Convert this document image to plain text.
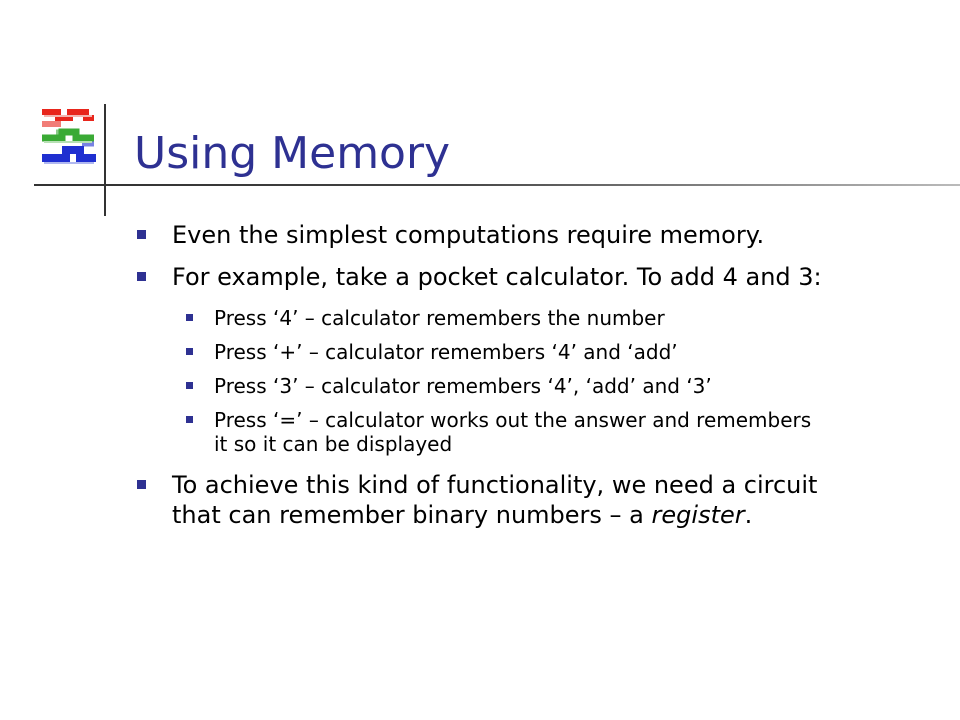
Using Memory
Even the simplest computations require memory.
For example, take a pocket calculator. To add 4 and 3:
Press ‘4’ – calculator remembers the number
Press ‘+’ – calculator remembers ‘4’ and ‘add’
Press ‘3’ – calculator remembers ‘4’, ‘add’ and ‘3’
Press ‘=’ – calculator works out the answer and remembers it so it can be displayed
To achieve this kind of functionality, we need a circuit that can remember binary numbers – a register.
